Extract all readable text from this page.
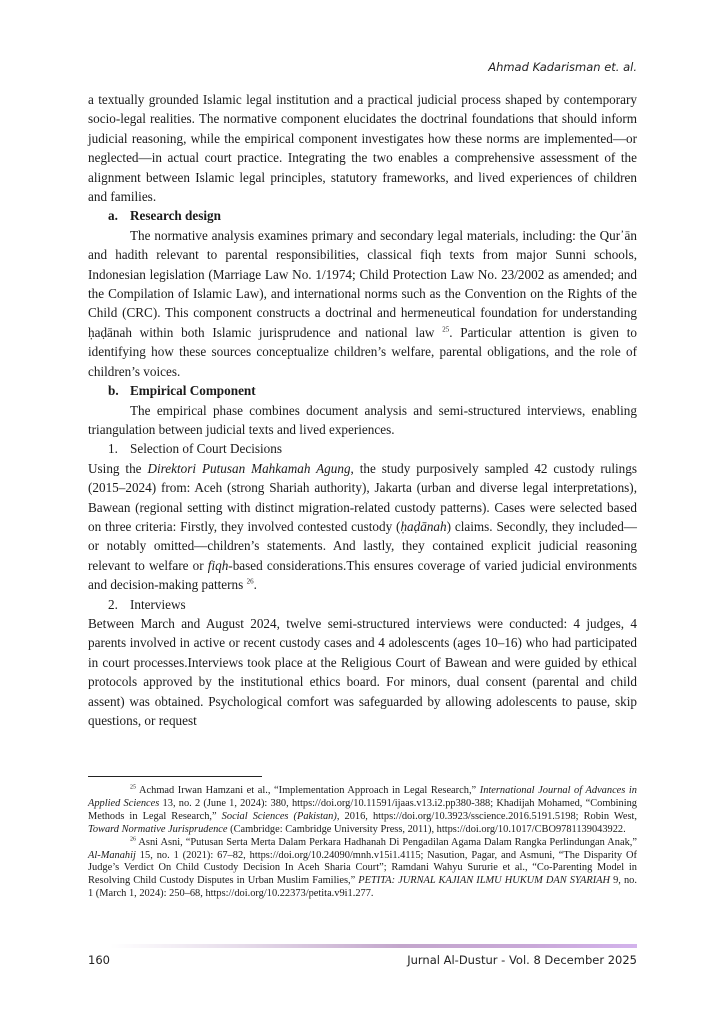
Ahmad Kadarisman et. al.

a textually grounded Islamic legal institution and a practical judicial process shaped by contemporary socio-legal realities. The normative component elucidates the doctrinal foundations that should inform judicial reasoning, while the empirical component investigates how these norms are implemented—or neglected—in actual court practice. Integrating the two enables a comprehensive assessment of the alignment between Islamic legal principles, statutory frameworks, and lived experiences of children and families.

a. Research design

The normative analysis examines primary and secondary legal materials, including: the Qur᾽ān and hadith relevant to parental responsibilities, classical fiqh texts from major Sunni schools, Indonesian legislation (Marriage Law No. 1/1974; Child Protection Law No. 23/2002 as amended; and the Compilation of Islamic Law), and international norms such as the Convention on the Rights of the Child (CRC). This component constructs a doctrinal and hermeneutical foundation for understanding ḥaḍānah within both Islamic jurisprudence and national law $^{25}$. Particular attention is given to identifying how these sources conceptualize children’s welfare, parental obligations, and the role of children’s voices.

b. Empirical Component

The empirical phase combines document analysis and semi-structured interviews, enabling triangulation between judicial texts and lived experiences.

1. Selection of Court Decisions

Using the Direktori Putusan Mahkamah Agung, the study purposively sampled 42 custody rulings (2015–2024) from: Aceh (strong Shariah authority), Jakarta (urban and diverse legal interpretations), Bawean (regional setting with distinct migration-related custody patterns). Cases were selected based on three criteria: Firstly, they involved contested custody (ḥaḍānah) claims. Secondly, they included—or notably omitted—children’s statements. And lastly, they contained explicit judicial reasoning relevant to welfare or fiqh-based considerations.This ensures coverage of varied judicial environments and decision-making patterns $^{26}$.

2. Interviews

Between March and August 2024, twelve semi-structured interviews were conducted: 4 judges, 4 parents involved in active or recent custody cases and 4 adolescents (ages 10–16) who had participated in court processes.Interviews took place at the Religious Court of Bawean and were guided by ethical protocols approved by the institutional ethics board. For minors, dual consent (parental and child assent) was obtained. Psychological comfort was safeguarded by allowing adolescents to pause, skip questions, or request

$^{25}$ Achmad Irwan Hamzani et al., “Implementation Approach in Legal Research,” International Journal of Advances in Applied Sciences 13, no. 2 (June 1, 2024): 380, https://doi.org/10.11591/ijaas.v13.i2.pp380-388; Khadijah Mohamed, “Combining Methods in Legal Research,” Social Sciences (Pakistan), 2016, https://doi.org/10.3923/sscience.2016.5191.5198; Robin West, Toward Normative Jurisprudence (Cambridge: Cambridge University Press, 2011), https://doi.org/10.1017/CBO9781139043922.

$^{26}$ Asni Asni, “Putusan Serta Merta Dalam Perkara Hadhanah Di Pengadilan Agama Dalam Rangka Perlindungan Anak,” Al-Manahij 15, no. 1 (2021): 67–82, https://doi.org/10.24090/mnh.v15i1.4115; Nasution, Pagar, and Asmuni, “The Disparity Of Judge’s Verdict On Child Custody Decision In Aceh Sharia Court”; Ramdani Wahyu Sururie et al., “Co-Parenting Model in Resolving Child Custody Disputes in Urban Muslim Families,” PETITA: JURNAL KAJIAN ILMU HUKUM DAN SYARIAH 9, no. 1 (March 1, 2024): 250–68, https://doi.org/10.22373/petita.v9i1.277.

160	Jurnal Al-Dustur - Vol. 8 December 2025
